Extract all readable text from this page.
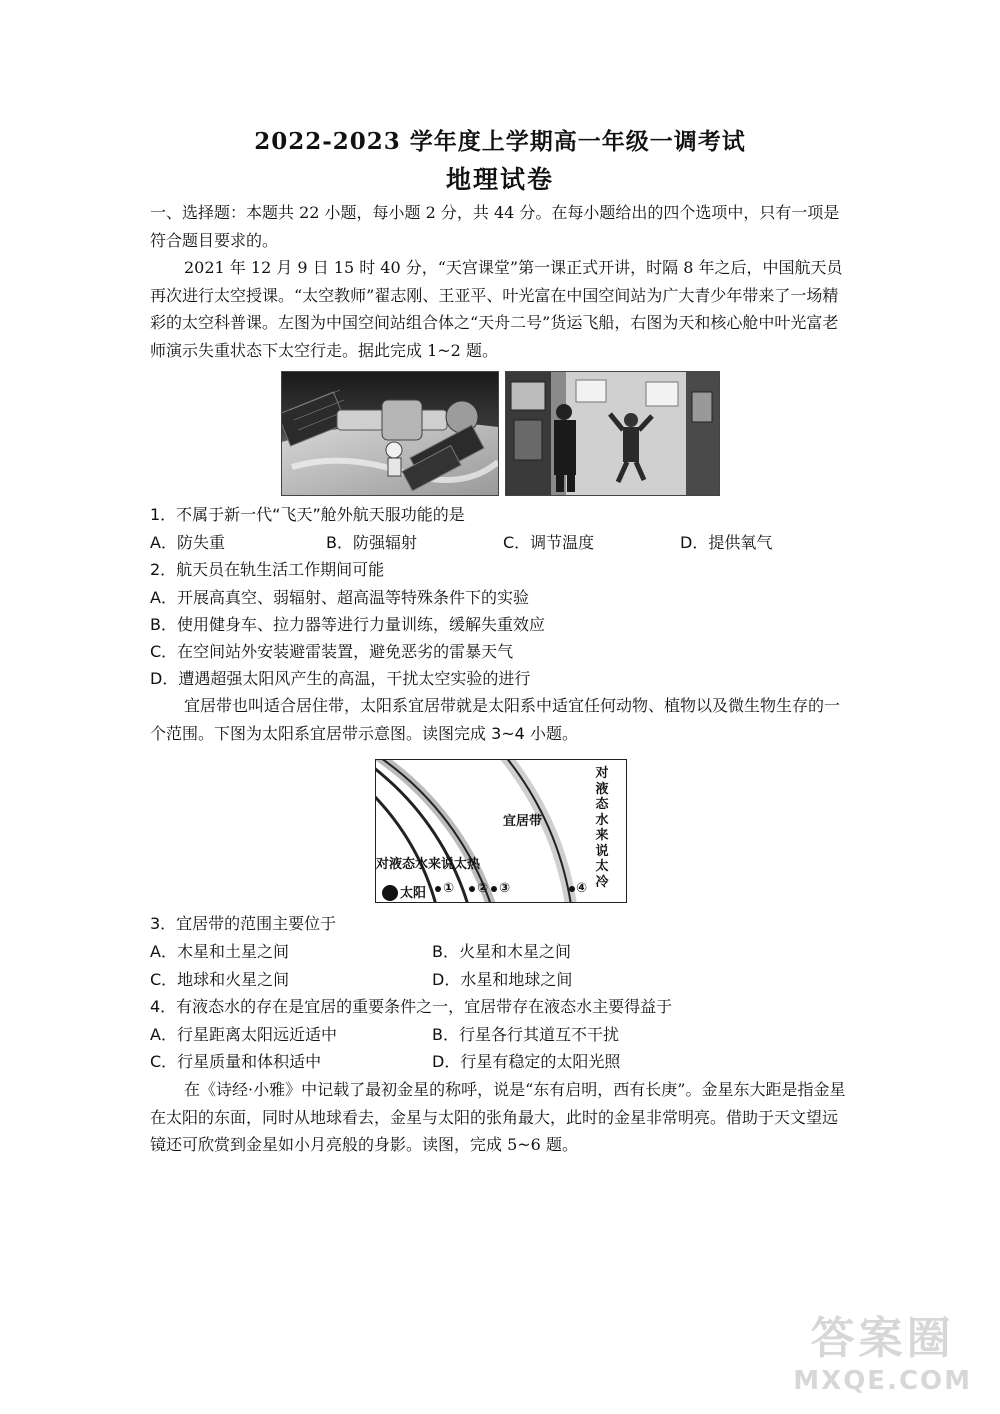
2022-2023 学年度上学期高一年级一调考试
地理试卷
一、选择题：本题共 22 小题，每小题 2 分，共 44 分。在每小题给出的四个选项中，只有一项是符合题目要求的。
2021 年 12 月 9 日 15 时 40 分，“天宫课堂”第一课正式开讲，时隔 8 年之后，中国航天员再次进行太空授课。“太空教师”翟志刚、王亚平、叶光富在中国空间站为广大青少年带来了一场精彩的太空科普课。左图为中国空间站组合体之“天舟二号”货运飞船，右图为天和核心舱中叶光富老师演示失重状态下太空行走。据此完成 1~2 题。
1．不属于新一代“飞天”舱外航天服功能的是
A．防失重	B．防强辐射	C．调节温度	D．提供氧气
2．航天员在轨生活工作期间可能
A．开展高真空、弱辐射、超高温等特殊条件下的实验
B．使用健身车、拉力器等进行力量训练，缓解失重效应
C．在空间站外安装避雷装置，避免恶劣的雷暴天气
D．遭遇超强太阳风产生的高温，干扰太空实验的进行
宜居带也叫适合居住带，太阳系宜居带就是太阳系中适宜任何动物、植物以及微生物生存的一个范围。下图为太阳系宜居带示意图。读图完成 3~4 小题。
对液态水来说太热
宜居带
对液态水来说太冷
太阳 ① ② ③	④
3．宜居带的范围主要位于
A．木星和土星之间	B．火星和木星之间
C．地球和火星之间	D．水星和地球之间
4．有液态水的存在是宜居的重要条件之一，宜居带存在液态水主要得益于
A．行星距离太阳远近适中	B．行星各行其道互不干扰
C．行星质量和体积适中	D．行星有稳定的太阳光照
在《诗经·小雅》中记载了最初金星的称呼，说是“东有启明，西有长庚”。金星东大距是指金星在太阳的东面，同时从地球看去，金星与太阳的张角最大，此时的金星非常明亮。借助于天文望远镜还可欣赏到金星如小月亮般的身影。读图，完成 5~6 题。
答案圈
MXQE.COM
